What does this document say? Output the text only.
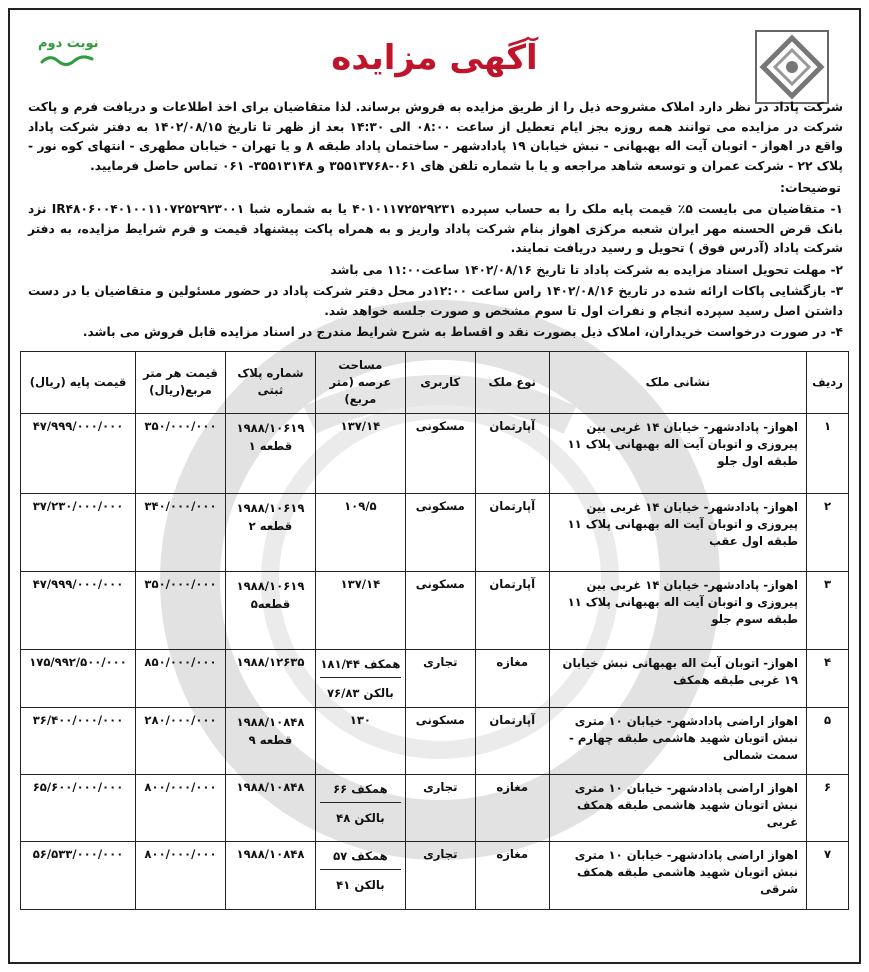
آگهی مزایده
نوبت دوم
شرکت پاداد در نظر دارد املاک مشروحه ذیل را از طریق مزایده به فروش برساند. لذا متقاضیان برای اخذ اطلاعات و دریافت فرم و پاکت شرکت در مزایده می توانند همه روزه بجز ایام تعطیل از ساعت ۰۸:۰۰ الی ۱۴:۳۰ بعد از ظهر تا تاریخ ۱۴۰۲/۰۸/۱۵ به دفتر شرکت پاداد واقع در اهواز - اتوبان آیت اله بهبهانی - نبش خیابان ۱۹ پادادشهر - ساختمان پاداد طبقه ۸ و یا تهران - خیابان مطهری - انتهای کوه نور - پلاک ۲۲ - شرکت عمران و توسعه شاهد مراجعه و یا با شماره تلفن های ۰۶۱-۳۵۵۱۳۷۶۸ و ۳۵۵۱۳۱۴۸- ۰۶۱ تماس حاصل فرمایید.
توضیحات:

۱- متقاضیان می بایست ۵٪ قیمت پایه ملک را به حساب سپرده ۴۰۱۰۱۱۷۲۵۲۹۲۳۱ یا به شماره شبا IR۴۸۰۶۰۰۴۰۱۰۰۱۱۰۷۲۵۲۹۲۳۰۰۱ نزد بانک قرض الحسنه مهر ایران شعبه مرکزی اهواز بنام شرکت پاداد واریز و به همراه پاکت پیشنهاد قیمت و فرم شرایط مزایده، به دفتر شرکت پاداد (آدرس فوق ) تحویل و رسید دریافت نمایند.

۲- مهلت تحویل اسناد مزایده به شرکت پاداد تا تاریخ ۱۴۰۲/۰۸/۱۶ ساعت۱۱:۰۰ می باشد

۳- بازگشایی پاکات ارائه شده در تاریخ ۱۴۰۲/۰۸/۱۶ راس ساعت ۱۲:۰۰در محل دفتر شرکت پاداد در حضور مسئولین و متقاضیان با در دست داشتن اصل رسید سپرده انجام و نفرات اول تا سوم مشخص و صورت جلسه خواهد شد.

۴- در صورت درخواست خریداران، املاک ذیل بصورت نقد و اقساط به شرح شرایط مندرج در اسناد مزایده قابل فروش می باشد.

ردیف	نشانی ملک	نوع ملک	کاربری	مساحت عرصه (متر مربع)	شماره پلاک ثبتی	قیمت هر متر مربع(ریال)	قیمت پایه (ریال)
۱	اهواز- پادادشهر- خیابان ۱۴ غربی بین پیروزی و اتوبان آیت اله بهبهانی پلاک ۱۱ طبقه اول جلو	آپارتمان	مسکونی	۱۳۷/۱۴	۱۹۸۸/۱۰۶۱۹
قطعه ۱	۳۵۰/۰۰۰/۰۰۰	۴۷/۹۹۹/۰۰۰/۰۰۰
۲	اهواز- پادادشهر- خیابان ۱۴ غربی بین پیروزی و اتوبان آیت اله بهبهانی پلاک ۱۱ طبقه اول عقب	آپارتمان	مسکونی	۱۰۹/۵	۱۹۸۸/۱۰۶۱۹
قطعه ۲	۳۴۰/۰۰۰/۰۰۰	۳۷/۲۳۰/۰۰۰/۰۰۰
۳	اهواز- پادادشهر- خیابان ۱۴ غربی بین پیروزی و اتوبان آیت اله بهبهانی پلاک ۱۱ طبقه سوم جلو	آپارتمان	مسکونی	۱۳۷/۱۴	۱۹۸۸/۱۰۶۱۹
قطعه۵	۳۵۰/۰۰۰/۰۰۰	۴۷/۹۹۹/۰۰۰/۰۰۰
۴	اهواز- اتوبان آیت اله بهبهانی نبش خیابان ۱۹ غربی طبقه همکف	مغازه	تجاری	همکف ۱۸۱/۴۴
بالکن ۷۶/۸۳	۱۹۸۸/۱۲۶۳۵	۸۵۰/۰۰۰/۰۰۰	۱۷۵/۹۹۲/۵۰۰/۰۰۰
۵	اهواز اراضی پادادشهر- خیابان ۱۰ متری نبش اتوبان شهید هاشمی طبقه چهارم - سمت شمالی	آپارتمان	مسکونی	۱۳۰	۱۹۸۸/۱۰۸۴۸
قطعه ۹	۲۸۰/۰۰۰/۰۰۰	۳۶/۴۰۰/۰۰۰/۰۰۰
۶	اهواز اراضی پادادشهر- خیابان ۱۰ متری نبش اتوبان شهید هاشمی طبقه همکف غربی	مغازه	تجاری	همکف ۶۶
بالکن ۴۸	۱۹۸۸/۱۰۸۴۸	۸۰۰/۰۰۰/۰۰۰	۶۵/۶۰۰/۰۰۰/۰۰۰
۷	اهواز اراضی پادادشهر- خیابان ۱۰ متری نبش اتوبان شهید هاشمی طبقه همکف شرقی	مغازه	تجاری	همکف ۵۷
بالکن ۴۱	۱۹۸۸/۱۰۸۴۸	۸۰۰/۰۰۰/۰۰۰	۵۶/۵۳۳/۰۰۰/۰۰۰
